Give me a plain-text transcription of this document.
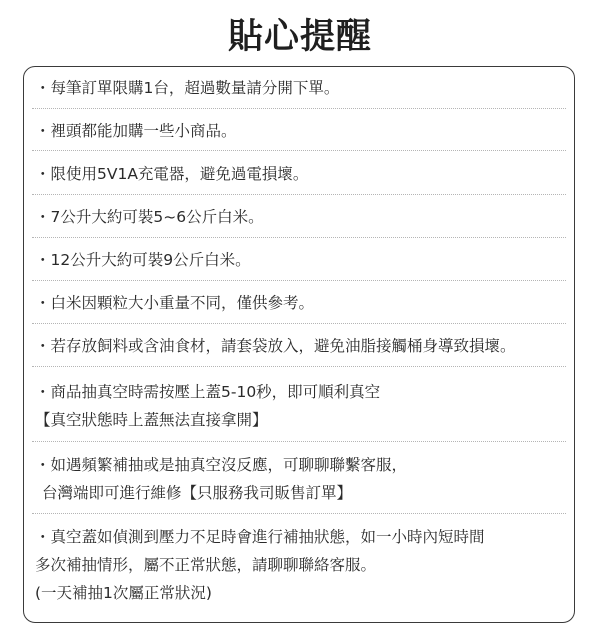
貼心提醒
・每筆訂單限購1台，超過數量請分開下單。
・裡頭都能加購一些小商品。
・限使用5V1A充電器，避免過電損壞。
・7公升大約可裝5~6公斤白米。
・12公升大約可裝9公斤白米。
・白米因顆粒大小重量不同，僅供參考。
・若存放飼料或含油食材，請套袋放入，避免油脂接觸桶身導致損壞。
・商品抽真空時需按壓上蓋5-10秒，即可順利真空
【真空狀態時上蓋無法直接拿開】
・如遇頻繁補抽或是抽真空沒反應，可聊聊聯繫客服，
台灣端即可進行維修【只服務我司販售訂單】
・真空蓋如偵測到壓力不足時會進行補抽狀態，如一小時內短時間
多次補抽情形，屬不正常狀態，請聊聊聯絡客服。
(一天補抽1次屬正常狀況)
